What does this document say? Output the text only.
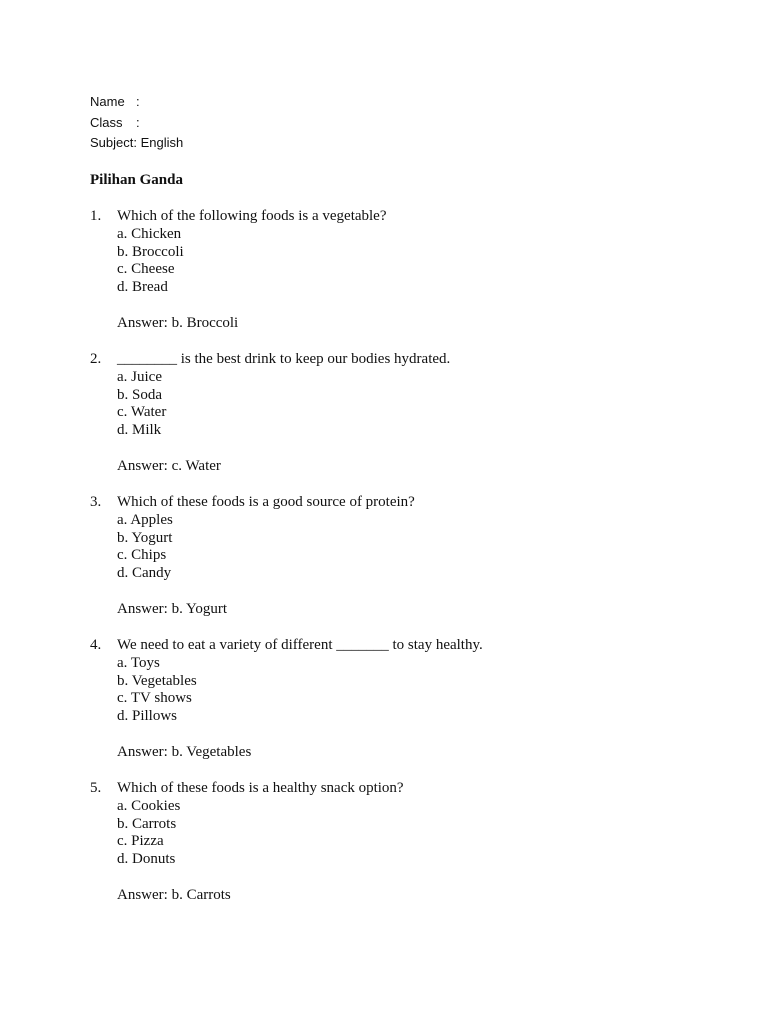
Name :
Class :
Subject: English
Pilihan Ganda
1. Which of the following foods is a vegetable?
a. Chicken
b. Broccoli
c. Cheese
d. Bread
Answer: b. Broccoli
2. ________ is the best drink to keep our bodies hydrated.
a. Juice
b. Soda
c. Water
d. Milk
Answer: c. Water
3. Which of these foods is a good source of protein?
a. Apples
b. Yogurt
c. Chips
d. Candy
Answer: b. Yogurt
4. We need to eat a variety of different _______ to stay healthy.
a. Toys
b. Vegetables
c. TV shows
d. Pillows
Answer: b. Vegetables
5. Which of these foods is a healthy snack option?
a. Cookies
b. Carrots
c. Pizza
d. Donuts
Answer: b. Carrots
